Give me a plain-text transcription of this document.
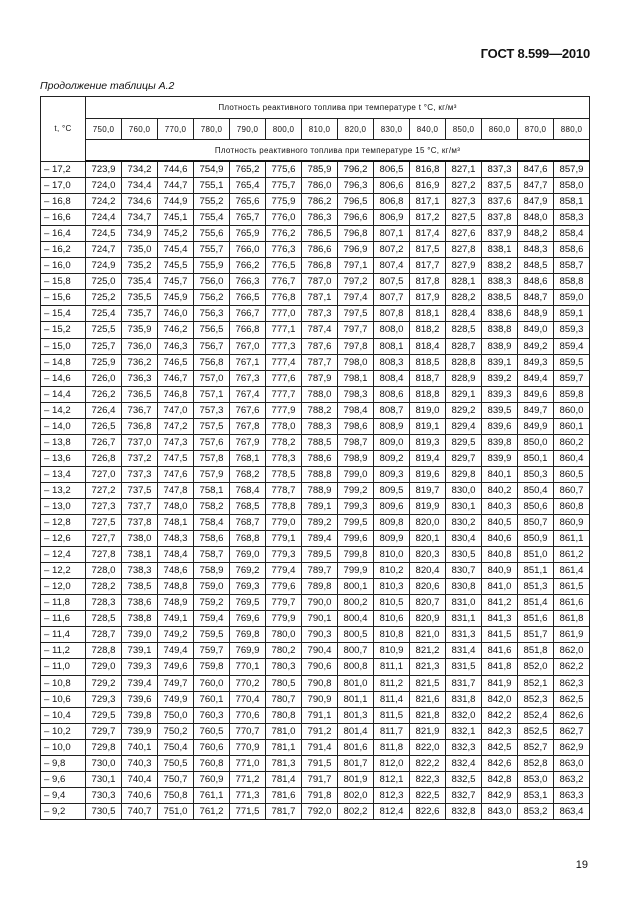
ГОСТ 8.599—2010
Продолжение таблицы А.2
t, °С	Плотность реактивного топлива при температуре t °С, кг/м³													
	750,0	760,0	770,0	780,0	790,0	800,0	810,0	820,0	830,0	840,0	850,0	860,0	870,0	880,0
	Плотность реактивного топлива при температуре 15 °С, кг/м³													
– 17,2	723,9	734,2	744,6	754,9	765,2	775,6	785,9	796,2	806,5	816,8	827,1	837,3	847,6	857,9
– 17,0	724,0	734,4	744,7	755,1	765,4	775,7	786,0	796,3	806,6	816,9	827,2	837,5	847,7	858,0
– 16,8	724,2	734,6	744,9	755,2	765,6	775,9	786,2	796,5	806,8	817,1	827,3	837,6	847,9	858,1
– 16,6	724,4	734,7	745,1	755,4	765,7	776,0	786,3	796,6	806,9	817,2	827,5	837,8	848,0	858,3
– 16,4	724,5	734,9	745,2	755,6	765,9	776,2	786,5	796,8	807,1	817,4	827,6	837,9	848,2	858,4
– 16,2	724,7	735,0	745,4	755,7	766,0	776,3	786,6	796,9	807,2	817,5	827,8	838,1	848,3	858,6
– 16,0	724,9	735,2	745,5	755,9	766,2	776,5	786,8	797,1	807,4	817,7	827,9	838,2	848,5	858,7
– 15,8	725,0	735,4	745,7	756,0	766,3	776,7	787,0	797,2	807,5	817,8	828,1	838,3	848,6	858,8
– 15,6	725,2	735,5	745,9	756,2	766,5	776,8	787,1	797,4	807,7	817,9	828,2	838,5	848,7	859,0
– 15,4	725,4	735,7	746,0	756,3	766,7	777,0	787,3	797,5	807,8	818,1	828,4	838,6	848,9	859,1
– 15,2	725,5	735,9	746,2	756,5	766,8	777,1	787,4	797,7	808,0	818,2	828,5	838,8	849,0	859,3
– 15,0	725,7	736,0	746,3	756,7	767,0	777,3	787,6	797,8	808,1	818,4	828,7	838,9	849,2	859,4
– 14,8	725,9	736,2	746,5	756,8	767,1	777,4	787,7	798,0	808,3	818,5	828,8	839,1	849,3	859,5
– 14,6	726,0	736,3	746,7	757,0	767,3	777,6	787,9	798,1	808,4	818,7	828,9	839,2	849,4	859,7
– 14,4	726,2	736,5	746,8	757,1	767,4	777,7	788,0	798,3	808,6	818,8	829,1	839,3	849,6	859,8
– 14,2	726,4	736,7	747,0	757,3	767,6	777,9	788,2	798,4	808,7	819,0	829,2	839,5	849,7	860,0
– 14,0	726,5	736,8	747,2	757,5	767,8	778,0	788,3	798,6	808,9	819,1	829,4	839,6	849,9	860,1
– 13,8	726,7	737,0	747,3	757,6	767,9	778,2	788,5	798,7	809,0	819,3	829,5	839,8	850,0	860,2
– 13,6	726,8	737,2	747,5	757,8	768,1	778,3	788,6	798,9	809,2	819,4	829,7	839,9	850,1	860,4
– 13,4	727,0	737,3	747,6	757,9	768,2	778,5	788,8	799,0	809,3	819,6	829,8	840,1	850,3	860,5
– 13,2	727,2	737,5	747,8	758,1	768,4	778,7	788,9	799,2	809,5	819,7	830,0	840,2	850,4	860,7
– 13,0	727,3	737,7	748,0	758,2	768,5	778,8	789,1	799,3	809,6	819,9	830,1	840,3	850,6	860,8
– 12,8	727,5	737,8	748,1	758,4	768,7	779,0	789,2	799,5	809,8	820,0	830,2	840,5	850,7	860,9
– 12,6	727,7	738,0	748,3	758,6	768,8	779,1	789,4	799,6	809,9	820,1	830,4	840,6	850,9	861,1
– 12,4	727,8	738,1	748,4	758,7	769,0	779,3	789,5	799,8	810,0	820,3	830,5	840,8	851,0	861,2
– 12,2	728,0	738,3	748,6	758,9	769,2	779,4	789,7	799,9	810,2	820,4	830,7	840,9	851,1	861,4
– 12,0	728,2	738,5	748,8	759,0	769,3	779,6	789,8	800,1	810,3	820,6	830,8	841,0	851,3	861,5
– 11,8	728,3	738,6	748,9	759,2	769,5	779,7	790,0	800,2	810,5	820,7	831,0	841,2	851,4	861,6
– 11,6	728,5	738,8	749,1	759,4	769,6	779,9	790,1	800,4	810,6	820,9	831,1	841,3	851,6	861,8
– 11,4	728,7	739,0	749,2	759,5	769,8	780,0	790,3	800,5	810,8	821,0	831,3	841,5	851,7	861,9
– 11,2	728,8	739,1	749,4	759,7	769,9	780,2	790,4	800,7	810,9	821,2	831,4	841,6	851,8	862,0
– 11,0	729,0	739,3	749,6	759,8	770,1	780,3	790,6	800,8	811,1	821,3	831,5	841,8	852,0	862,2
– 10,8	729,2	739,4	749,7	760,0	770,2	780,5	790,8	801,0	811,2	821,5	831,7	841,9	852,1	862,3
– 10,6	729,3	739,6	749,9	760,1	770,4	780,7	790,9	801,1	811,4	821,6	831,8	842,0	852,3	862,5
– 10,4	729,5	739,8	750,0	760,3	770,6	780,8	791,1	801,3	811,5	821,8	832,0	842,2	852,4	862,6
– 10,2	729,7	739,9	750,2	760,5	770,7	781,0	791,2	801,4	811,7	821,9	832,1	842,3	852,5	862,7
– 10,0	729,8	740,1	750,4	760,6	770,9	781,1	791,4	801,6	811,8	822,0	832,3	842,5	852,7	862,9
– 9,8	730,0	740,3	750,5	760,8	771,0	781,3	791,5	801,7	812,0	822,2	832,4	842,6	852,8	863,0
– 9,6	730,1	740,4	750,7	760,9	771,2	781,4	791,7	801,9	812,1	822,3	832,5	842,8	853,0	863,2
– 9,4	730,3	740,6	750,8	761,1	771,3	781,6	791,8	802,0	812,3	822,5	832,7	842,9	853,1	863,3
– 9,2	730,5	740,7	751,0	761,2	771,5	781,7	792,0	802,2	812,4	822,6	832,8	843,0	853,2	863,4
19
